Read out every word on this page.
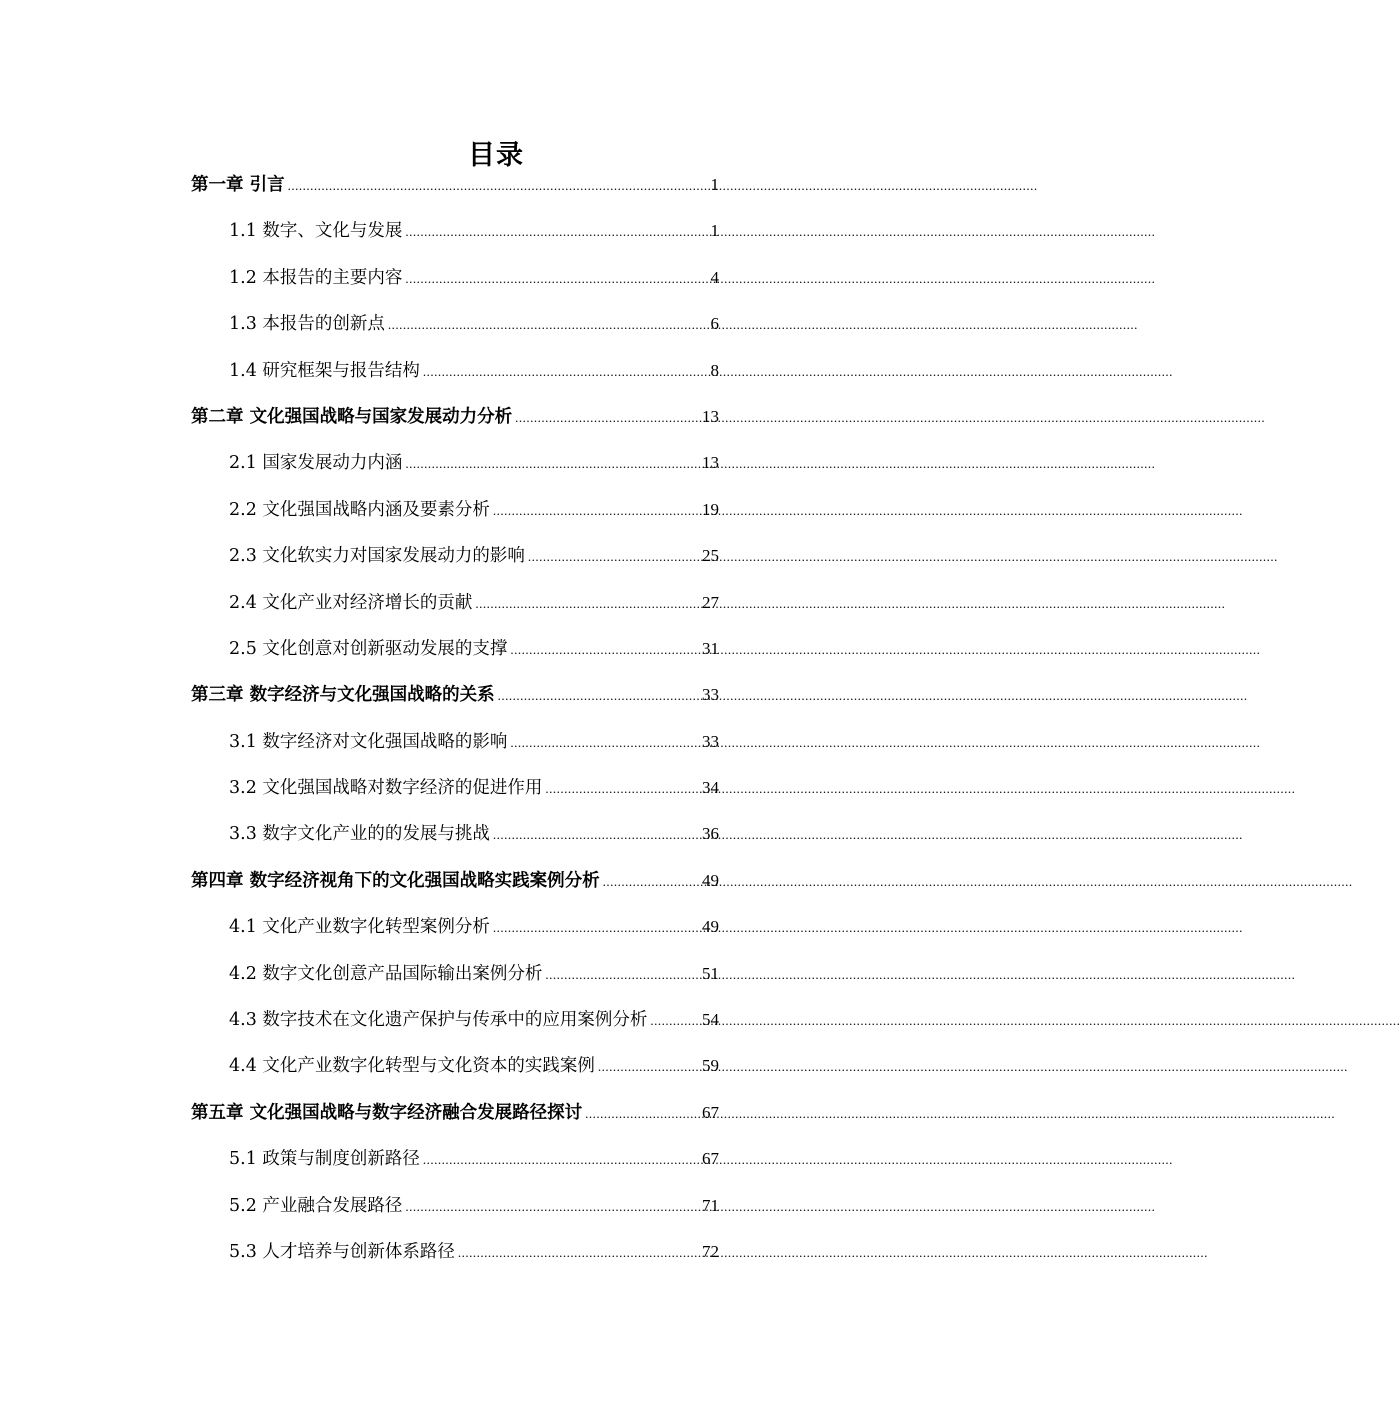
目录
第一章 引言 .....	1
1.1 数字、文化与发展 .....	1
1.2 本报告的主要内容 .....	4
1.3 本报告的创新点 .....	6
1.4 研究框架与报告结构 .....	8
第二章 文化强国战略与国家发展动力分析 .....	13
2.1 国家发展动力内涵 .....	13
2.2 文化强国战略内涵及要素分析 .....	19
2.3 文化软实力对国家发展动力的影响 .....	25
2.4 文化产业对经济增长的贡献 .....	27
2.5 文化创意对创新驱动发展的支撑 .....	31
第三章 数字经济与文化强国战略的关系 .....	33
3.1 数字经济对文化强国战略的影响 .....	33
3.2 文化强国战略对数字经济的促进作用 .....	34
3.3 数字文化产业的的发展与挑战 .....	36
第四章 数字经济视角下的文化强国战略实践案例分析 .....	49
4.1 文化产业数字化转型案例分析 .....	49
4.2 数字文化创意产品国际输出案例分析 .....	51
4.3 数字技术在文化遗产保护与传承中的应用案例分析 .....	54
4.4 文化产业数字化转型与文化资本的实践案例 .....	59
第五章 文化强国战略与数字经济融合发展路径探讨 .....	67
5.1 政策与制度创新路径 .....	67
5.2 产业融合发展路径 .....	71
5.3 人才培养与创新体系路径 .....	72
